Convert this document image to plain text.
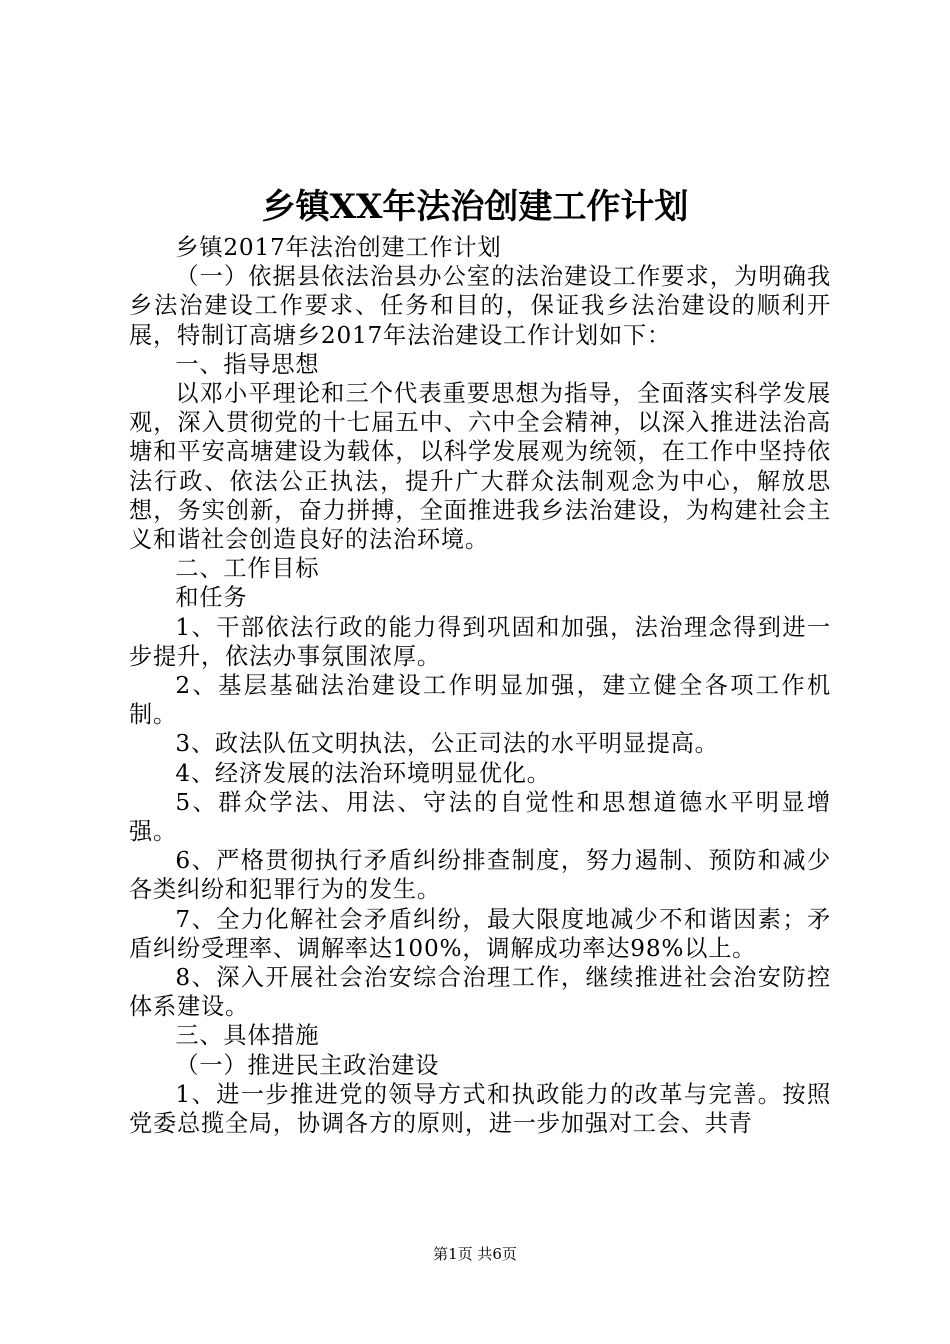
乡镇XX年法治创建工作计划

乡镇2017年法治创建工作计划

（一）依据县依法治县办公室的法治建设工作要求，为明确我乡法治建设工作要求、任务和目的，保证我乡法治建设的顺利开展，特制订高塘乡2017年法治建设工作计划如下：

一、指导思想

以邓小平理论和三个代表重要思想为指导，全面落实科学发展观，深入贯彻党的十七届五中、六中全会精神，以深入推进法治高塘和平安高塘建设为载体，以科学发展观为统领，在工作中坚持依法行政、依法公正执法，提升广大群众法制观念为中心，解放思想，务实创新，奋力拼搏，全面推进我乡法治建设，为构建社会主义和谐社会创造良好的法治环境。

二、工作目标

和任务

1、干部依法行政的能力得到巩固和加强，法治理念得到进一步提升，依法办事氛围浓厚。

2、基层基础法治建设工作明显加强，建立健全各项工作机制。

3、政法队伍文明执法，公正司法的水平明显提高。

4、经济发展的法治环境明显优化。

5、群众学法、用法、守法的自觉性和思想道德水平明显增强。

6、严格贯彻执行矛盾纠纷排查制度，努力遏制、预防和减少各类纠纷和犯罪行为的发生。

7、全力化解社会矛盾纠纷，最大限度地减少不和谐因素；矛盾纠纷受理率、调解率达100%，调解成功率达98%以上。

8、深入开展社会治安综合治理工作，继续推进社会治安防控体系建设。

三、具体措施

（一）推进民主政治建设

1、进一步推进党的领导方式和执政能力的改革与完善。按照党委总揽全局，协调各方的原则，进一步加强对工会、共青

第1页 共6页
